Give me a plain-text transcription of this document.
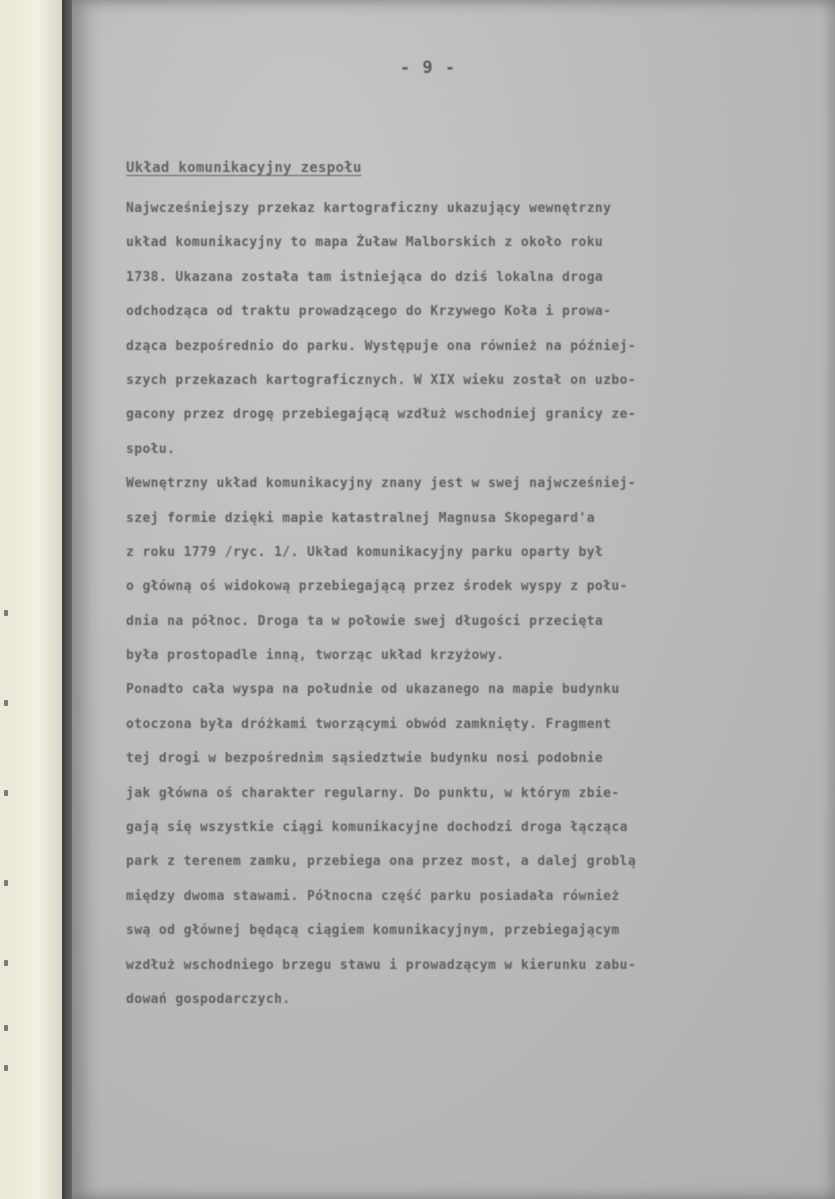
- 9 -
Układ komunikacyjny zespołu
Najwcześniejszy przekaz kartograficzny ukazujący wewnętrzny
układ komunikacyjny to mapa Żuław Malborskich z około roku
1738. Ukazana została tam istniejąca do dziś lokalna droga
odchodząca od traktu prowadzącego do Krzywego Koła i prowa-
dząca bezpośrednio do parku. Występuje ona również na później-
szych przekazach kartograficznych. W XIX wieku został on uzbo-
gacony przez drogę przebiegającą wzdłuż wschodniej granicy ze-
społu.
Wewnętrzny układ komunikacyjny znany jest w swej najwcześniej-
szej formie dzięki mapie katastralnej Magnusa Skopegard'a
z roku 1779 /ryc. 1/. Układ komunikacyjny parku oparty był
o główną oś widokową przebiegającą przez środek wyspy z połu-
dnia na północ. Droga ta w połowie swej długości przecięta
była prostopadle inną, tworząc układ krzyżowy.
Ponadto cała wyspa na południe od ukazanego na mapie budynku
otoczona była dróżkami tworzącymi obwód zamknięty. Fragment
tej drogi w bezpośrednim sąsiedztwie budynku nosi podobnie
jak główna oś charakter regularny. Do punktu, w którym zbie-
gają się wszystkie ciągi komunikacyjne dochodzi droga łącząca
park z terenem zamku, przebiega ona przez most, a dalej groblą
między dwoma stawami. Północna część parku posiadała również
swą od głównej będącą ciągiem komunikacyjnym, przebiegającym
wzdłuż wschodniego brzegu stawu i prowadzącym w kierunku zabu-
dowań gospodarczych.
